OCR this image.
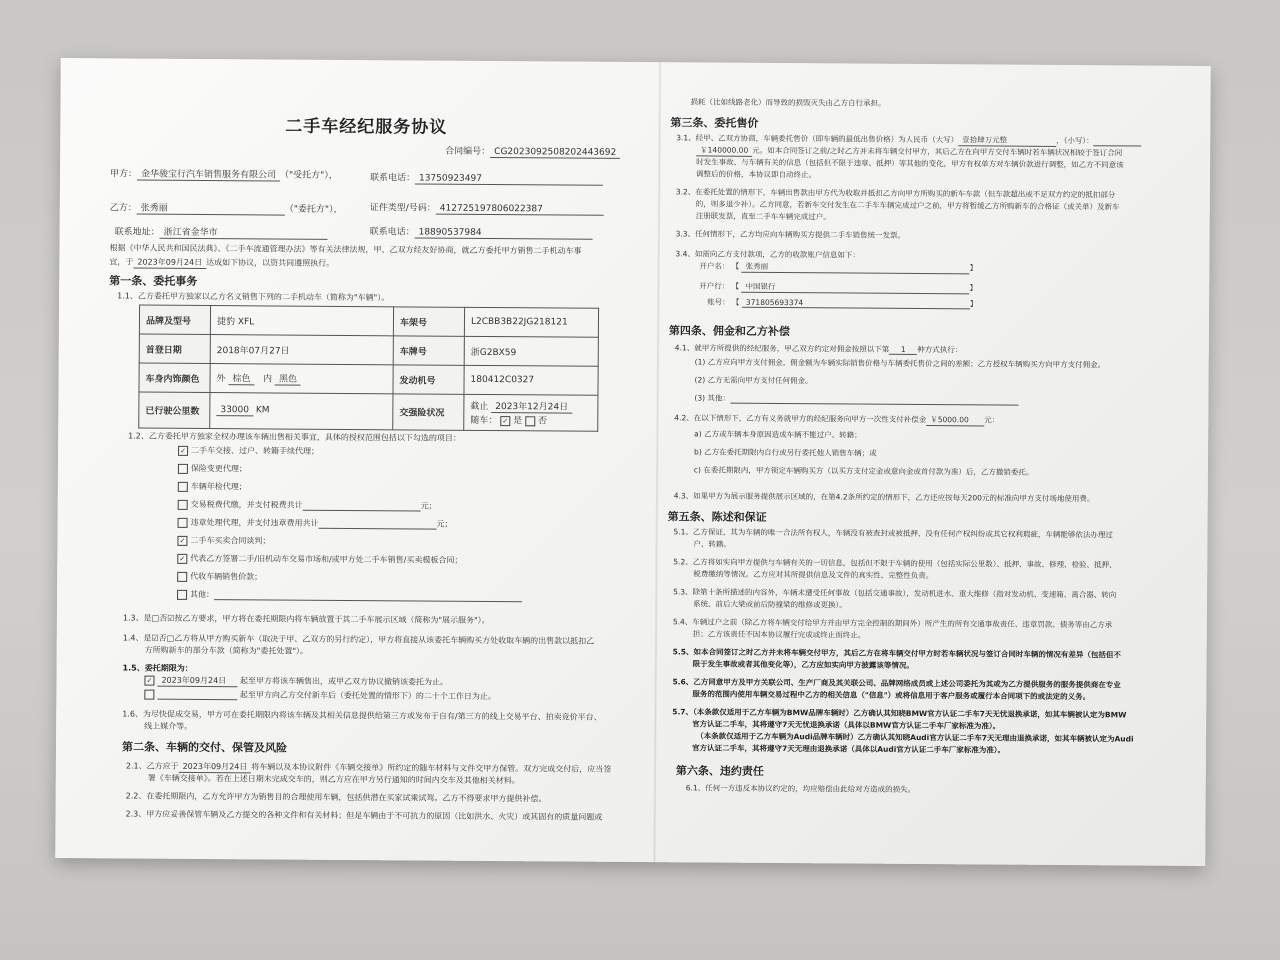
二手车经纪服务协议
合同编号： CG2023092508202443692
甲方： 金华骏宝行汽车销售服务有限公司 （"受托方"），	联系电话： 13750923497
乙方： 张秀丽	（"委托方"），	证件类型/号码： 412725197806022387
联系地址： 浙江省金华市	联系电话： 18890537984
根据《中华人民共和国民法典》、《二手车流通管理办法》等有关法律法规，甲、乙双方经友好协商，就乙方委托甲方销售二手机动车事
宜，于 2023年09月24日 达成如下协议，以资共同遵照执行。
第一条、委托事务
1.1、乙方委托甲方独家以乙方名义销售下列的二手机动车（简称为"车辆"）。
品牌及型号	捷豹 XFL	车架号	L2CBB3B22JG218121
首登日期	2018年07月27日	车牌号	浙G2BX59
车身内饰颜色	外 棕色 内 黑色	发动机号	180412C0327
已行驶公里数	33000 KM	交强险状况	截止 2023年12月24日
随车： ✓ 是 否
1.2、乙方委托甲方独家全权办理该车辆出售相关事宜，具体的授权范围包括以下勾选的项目：
✓ 二手车交接、过户、转籍手续代理；
保险变更代理；
车辆年检代理；
交易税费代缴，并支付税费共计	元；
违章处理代理，并支付违章费用共计	元；
✓ 二手车买卖合同谈判；
✓ 代表乙方签署二手/旧机动车交易市场和/或甲方处二手车销售/买卖模板合同；
代收车辆销售价款；
其他：
1.3、是□否☑按乙方要求，甲方将在委托期限内将车辆放置于其二手车展示区域（简称为"展示服务"）。
1.4、是☑否□乙方将从甲方购买新车（取决于甲、乙双方的另行约定），甲方将直接从该委托车辆购买方处收取车辆的出售款以抵扣乙
方所购新车的部分车款（简称为"委托处置"）。
1.5、委托期限为：
✓ 2023年09月24日 起至甲方将该车辆售出，或甲乙双方协议撤销该委托为止。
起至甲方向乙方交付新车后（委托处置的情形下）的二十个工作日为止。
1.6、为尽快促成交易，甲方可在委托期限内将该车辆及其相关信息提供给第三方或发布于自有/第三方的线上交易平台、拍卖竞价平台、
线上媒介等。
第二条、车辆的交付、保管及风险
2.1、乙方应于 2023年09月24日 将车辆以及本协议附件《车辆交接单》所约定的随车材料与文件交甲方保管。双方完成交付后，应当签
署《车辆交接单》。若在上述日期未完成交车的，则乙方应在甲方另行通知的时间内交车及其他相关材料。
2.2、在委托期限内，乙方允许甲方为销售目的合理使用车辆，包括供潜在买家试乘试驾。乙方不得要求甲方提供补偿。
2.3、甲方应妥善保管车辆及乙方提交的各种文件和有关材料；但是车辆由于不可抗力的原因（比如洪水、火灾）或其固有的质量问题或
损耗（比如线路老化）而导致的损毁灭失由乙方自行承担。
第三条、委托售价
3.1、经甲、乙双方协商，车辆委托售价（即车辆的最低出售价格）为人民币（大写） 壹拾肆万元整	，（小写）：
￥140000.00 元。如本合同签订之前/之时乙方并未将车辆交付甲方，其后乙方在向甲方交付车辆时若车辆状况相较于签订合同
时发生事故、与车辆有关的信息（包括但不限于违章、抵押）等其他的变化，甲方有权单方对车辆价款进行调整，如乙方不同意该
调整后的价格，本协议即自动终止。
3.2、在委托处置的情形下，车辆出售款由甲方代为收取并抵扣乙方向甲方所购买的新车车款（但车款超出或不足双方约定的抵扣部分
的，则多退少补）。乙方同意，若新车交付发生在二手车车辆完成过户之前，甲方将暂缓乙方所购新车的合格证（或关单）及新车
注册联发票，直至二手车车辆完成过户。
3.3、任何情形下，乙方均应向车辆购买方提供二手车销售统一发票。
3.4、如需向乙方支付款项，乙方的收款账户信息如下：
开户名： 【 张秀丽	】
开户行： 【 中国银行	】
账号： 【 371805693374	】
第四条、佣金和乙方补偿
4.1、就甲方所提供的经纪服务，甲乙双方约定对佣金按照以下第 1 种方式执行：
(1) 乙方应向甲方支付佣金，佣金额为车辆实际销售价格与车辆委托售价之间的差额；乙方授权车辆购买方向甲方支付佣金。
(2) 乙方无需向甲方支付任何佣金。
(3) 其他：
4.2、在以下情形下，乙方有义务就甲方的经纪服务向甲方一次性支付补偿金 ￥5000.00 元：
a) 乙方或车辆本身原因造成车辆不能过户、转籍；
b) 乙方在委托期限内自行或另行委托他人销售车辆；或
c) 在委托期限内，甲方锁定车辆购买方（以买方支付定金或意向金或首付款为准）后，乙方撤销委托。
4.3、如果甲方为展示服务提供展示区域的，在第4.2条所约定的情形下，乙方还应按每天200元的标准向甲方支付场地使用费。
第五条、陈述和保证
5.1、乙方保证，其为车辆的唯一合法所有权人，车辆没有被查封或被抵押、没有任何产权纠纷或其它权利瑕疵，车辆能够依法办理过
户、转籍。
5.2、乙方将如实向甲方提供与车辆有关的一切信息，包括但不限于车辆的使用（包括实际公里数）、抵押、事故、修理、检验、抵押、
税费缴纳等情况。乙方应对其所提供信息及文件的真实性、完整性负责。
5.3、除第十条所描述的内容外，车辆未遭受任何事故（包括交通事故），发动机进水、重大维修（指对发动机、变速箱、离合器、转向
系统、前后大梁或前后防撞梁的维修或更换）。
5.4、车辆过户之前（除乙方将车辆交付给甲方并由甲方完全控制的期间外）所产生的所有交通事故责任、违章罚款、债务等由乙方承
担；乙方该责任不因本协议履行完成或终止而终止。
5.5、如本合同签订之时乙方并未将车辆交付甲方，其后乙方在将车辆交付甲方时若车辆状况与签订合同时车辆的情况有差异（包括但不
限于发生事故或者其他变化等），乙方应如实向甲方披露该等情况。
5.6、乙方同意甲方及甲方关联公司、生产厂商及其关联公司、品牌网络成员或上述公司委托为其或为乙方提供服务的服务提供商在专业
服务的范围内使用车辆交易过程中乙方的相关信息（"信息"）或将信息用于客户服务或履行本合同项下的或法定的义务。
5.7、（本条款仅适用于乙方车辆为BMW品牌车辆时）乙方确认其知晓BMW官方认证二手车7天无忧退换承诺，如其车辆被认定为BMW
官方认证二手车，其将遵守7天无忧退换承诺（具体以BMW官方认证二手车厂家标准为准）。
（本条款仅适用于乙方车辆为Audi品牌车辆时）乙方确认其知晓Audi官方认证二手车7天无理由退换承诺，如其车辆被认定为Audi
官方认证二手车，其将遵守7天无理由退换承诺（具体以Audi官方认证二手车厂家标准为准）。
第六条、违约责任
6.1、任何一方违反本协议约定的，均应赔偿由此给对方造成的损失。
